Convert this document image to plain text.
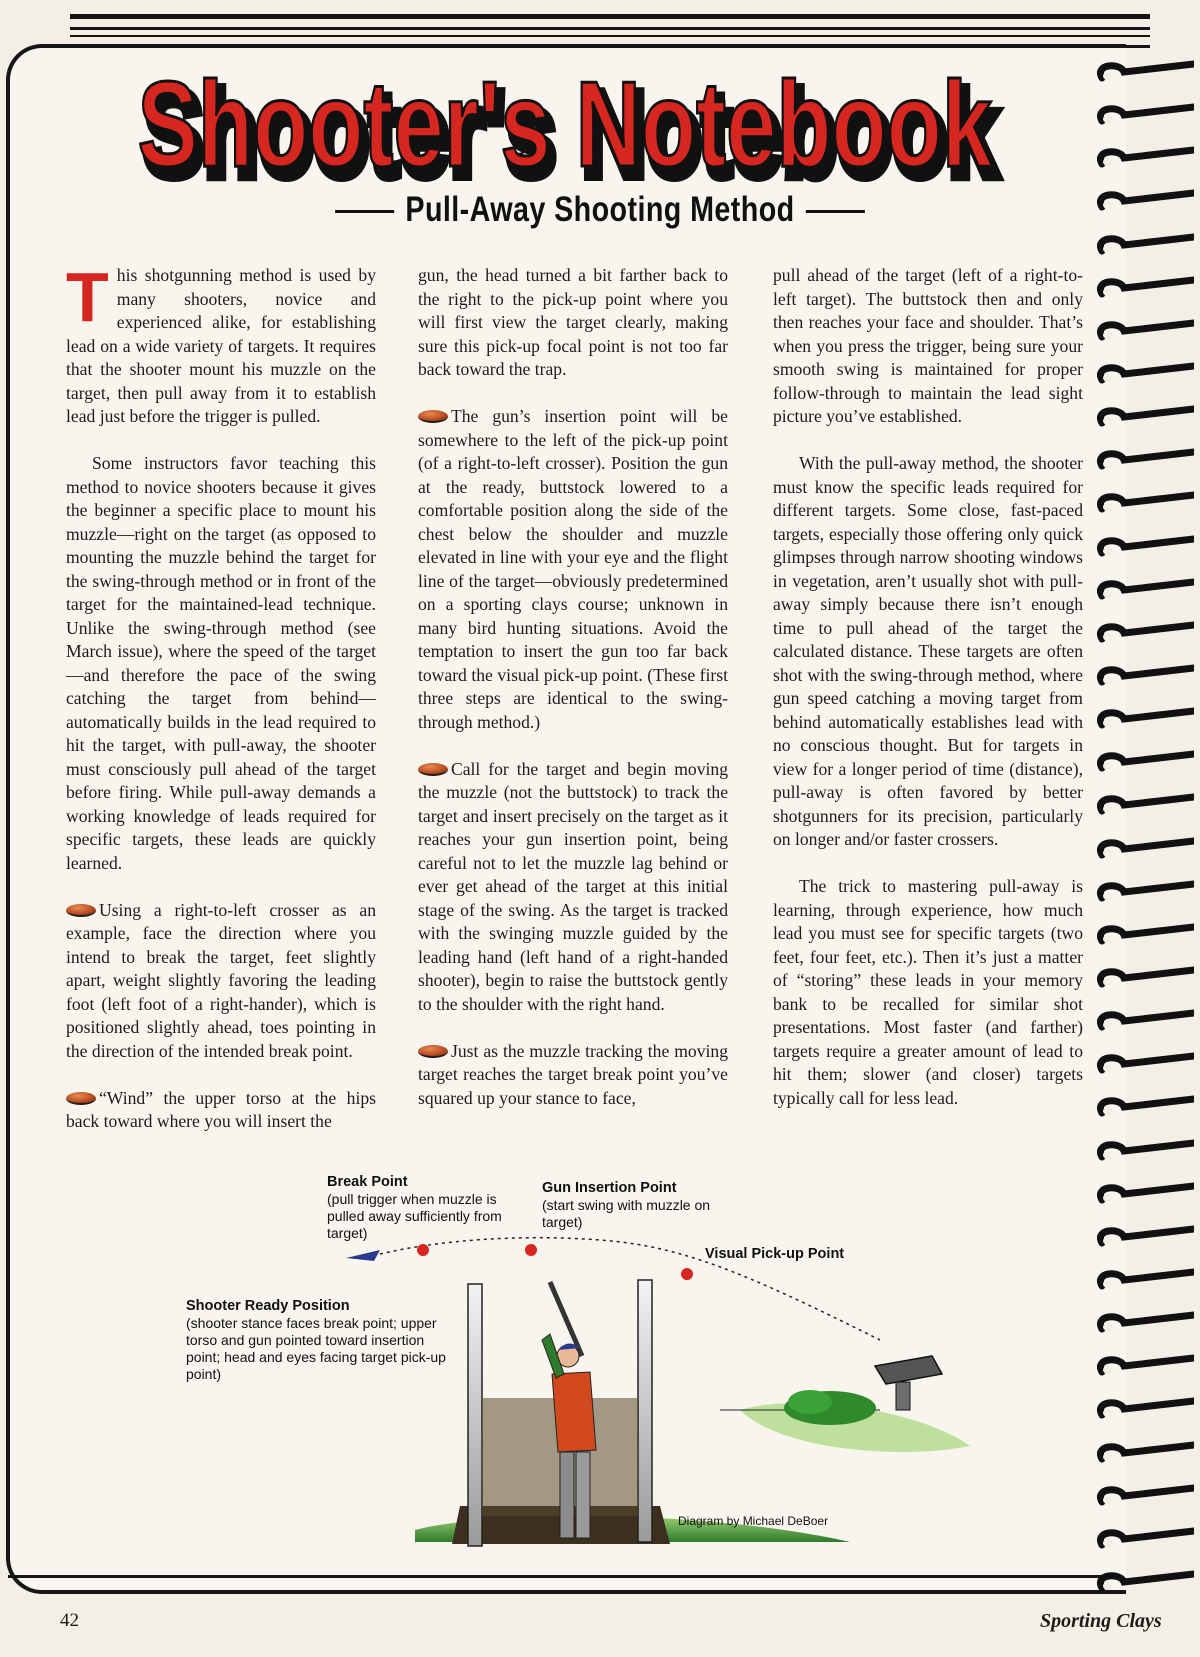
Shooter's Notebook
Shooter's Notebook
Pull-Away Shooting Method

This shotgunning method is used by many shooters, novice and experienced alike, for establishing lead on a wide variety of targets. It requires that the shooter mount his muzzle on the target, then pull away from it to establish lead just before the trigger is pulled.

Some instructors favor teaching this method to novice shooters because it gives the beginner a specific place to mount his muzzle—right on the target (as opposed to mounting the muzzle behind the target for the swing-through method or in front of the target for the maintained-lead technique. Unlike the swing-through method (see March issue), where the speed of the target—and therefore the pace of the swing catching the target from behind—automatically builds in the lead required to hit the target, with pull-away, the shooter must consciously pull ahead of the target before firing. While pull-away demands a working knowledge of leads required for specific targets, these leads are quickly learned.

Using a right-to-left crosser as an example, face the direction where you intend to break the target, feet slightly apart, weight slightly favoring the leading foot (left foot of a right-hander), which is positioned slightly ahead, toes pointing in the direction of the intended break point.

“Wind” the upper torso at the hips back toward where you will insert the

gun, the head turned a bit farther back to the right to the pick-up point where you will first view the target clearly, making sure this pick-up focal point is not too far back toward the trap.

The gun’s insertion point will be somewhere to the left of the pick-up point (of a right-to-left crosser). Position the gun at the ready, buttstock lowered to a comfortable position along the side of the chest below the shoulder and muzzle elevated in line with your eye and the flight line of the target—obviously predetermined on a sporting clays course; unknown in many bird hunting situations. Avoid the temptation to insert the gun too far back toward the visual pick-up point. (These first three steps are identical to the swing-through method.)

Call for the target and begin moving the muzzle (not the buttstock) to track the target and insert precisely on the target as it reaches your gun insertion point, being careful not to let the muzzle lag behind or ever get ahead of the target at this initial stage of the swing. As the target is tracked with the swinging muzzle guided by the leading hand (left hand of a right-handed shooter), begin to raise the buttstock gently to the shoulder with the right hand.

Just as the muzzle tracking the moving target reaches the target break point you’ve squared up your stance to face,

pull ahead of the target (left of a right-to-left target). The buttstock then and only then reaches your face and shoulder. That’s when you press the trigger, being sure your smooth swing is maintained for proper follow-through to maintain the lead sight picture you’ve established.

With the pull-away method, the shooter must know the specific leads required for different targets. Some close, fast-paced targets, especially those offering only quick glimpses through narrow shooting windows in vegetation, aren’t usually shot with pull-away simply because there isn’t enough time to pull ahead of the target the calculated distance. These targets are often shot with the swing-through method, where gun speed catching a moving target from behind automatically establishes lead with no conscious thought. But for targets in view for a longer period of time (distance), pull-away is often favored by better shotgunners for its precision, particularly on longer and/or faster crossers.

The trick to mastering pull-away is learning, through experience, how much lead you must see for specific targets (two feet, four feet, etc.). Then it’s just a matter of “storing” these leads in your memory bank to be recalled for similar shot presentations. Most faster (and farther) targets require a greater amount of lead to hit them; slower (and closer) targets typically call for less lead.

Break Point
(pull trigger when muzzle is pulled away sufficiently from target)
Gun Insertion Point
(start swing with muzzle on target)
Visual Pick-up Point
Shooter Ready Position
(shooter stance faces break point; upper torso and gun pointed toward insertion point; head and eyes facing target pick-up point)
Diagram by Michael DeBoer
42	Sporting Clays
